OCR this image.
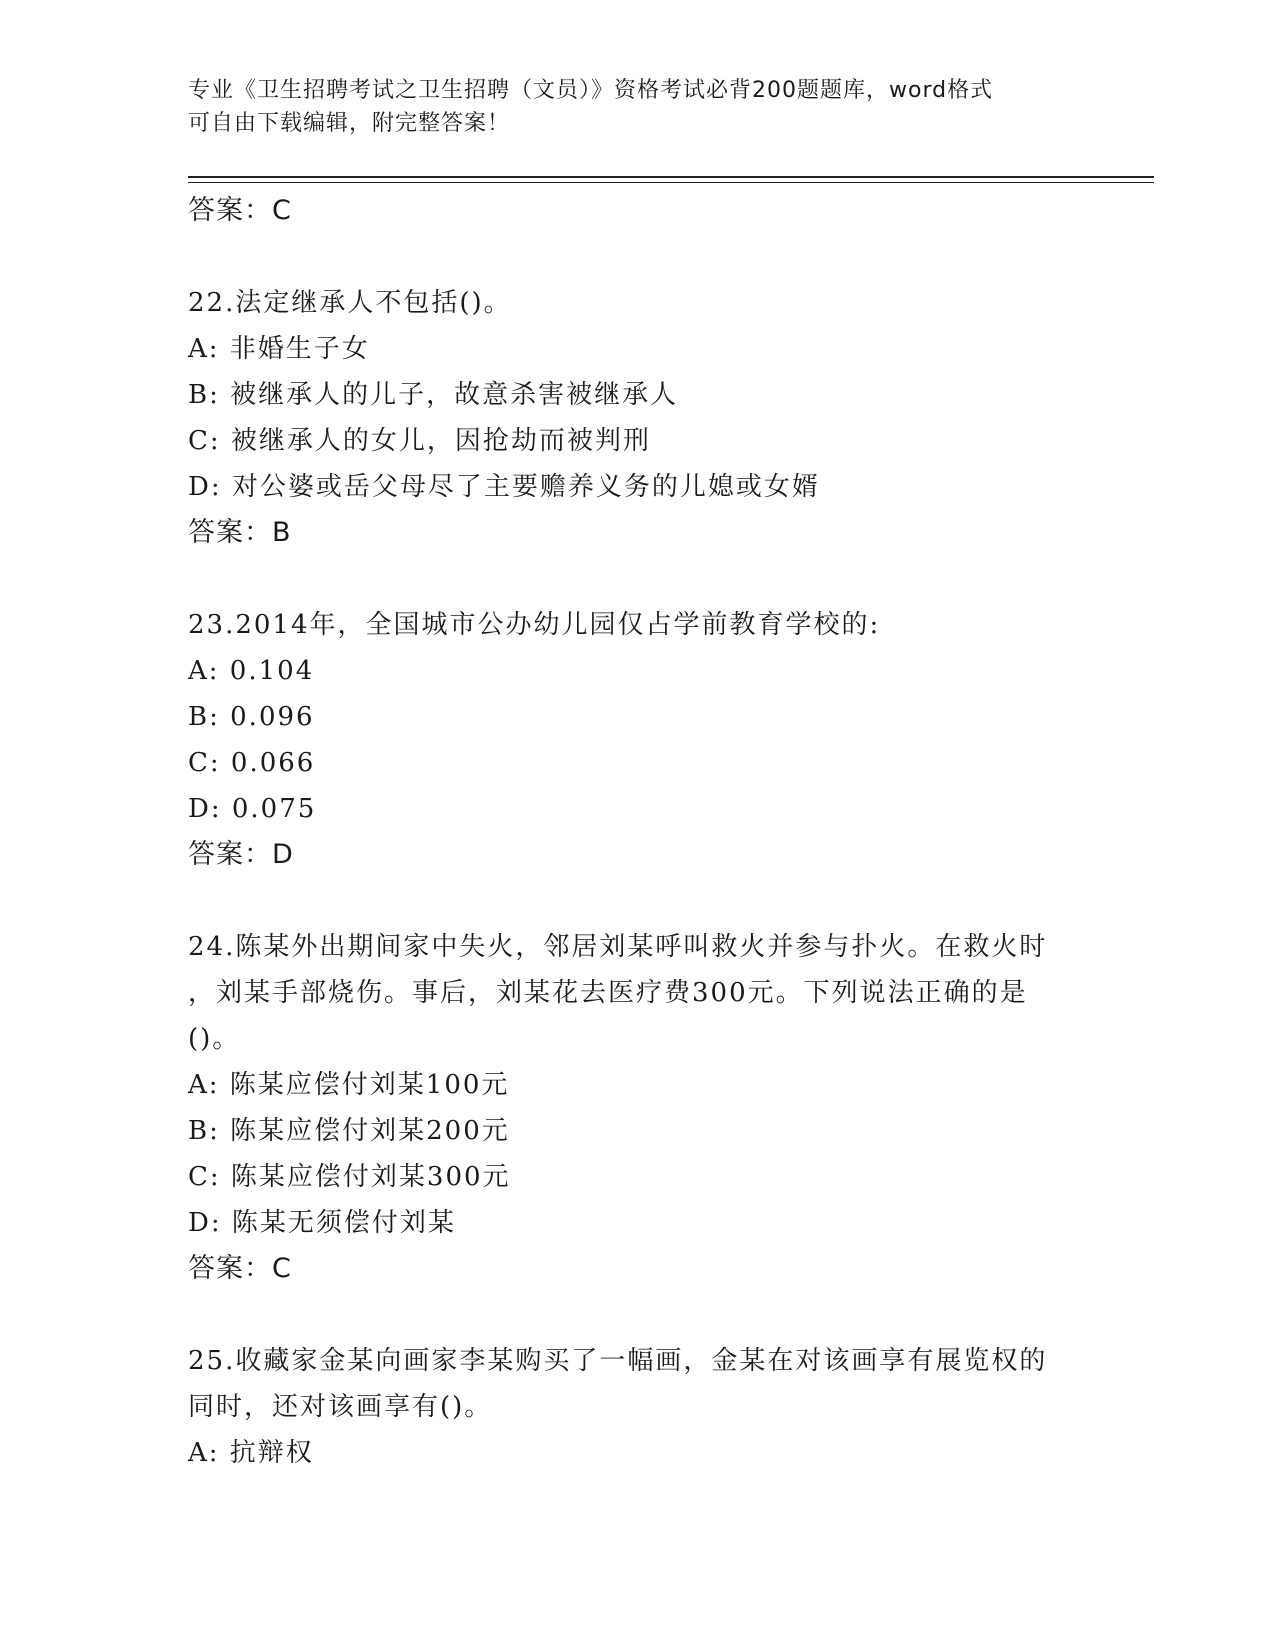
专业《卫生招聘考试之卫生招聘（文员）》资格考试必背200题题库，word格式
可自由下载编辑，附完整答案！
答案：C
22.法定继承人不包括()。
A: 非婚生子女
B: 被继承人的儿子，故意杀害被继承人
C: 被继承人的女儿，因抢劫而被判刑
D: 对公婆或岳父母尽了主要赡养义务的儿媳或女婿
答案：B
23.2014年，全国城市公办幼儿园仅占学前教育学校的:
A: 0.104
B: 0.096
C: 0.066
D: 0.075
答案：D
24.陈某外出期间家中失火，邻居刘某呼叫救火并参与扑火。在救火时
，刘某手部烧伤。事后，刘某花去医疗费300元。下列说法正确的是
()。
A: 陈某应偿付刘某100元
B: 陈某应偿付刘某200元
C: 陈某应偿付刘某300元
D: 陈某无须偿付刘某
答案：C
25.收藏家金某向画家李某购买了一幅画，金某在对该画享有展览权的
同时，还对该画享有()。
A: 抗辩权
